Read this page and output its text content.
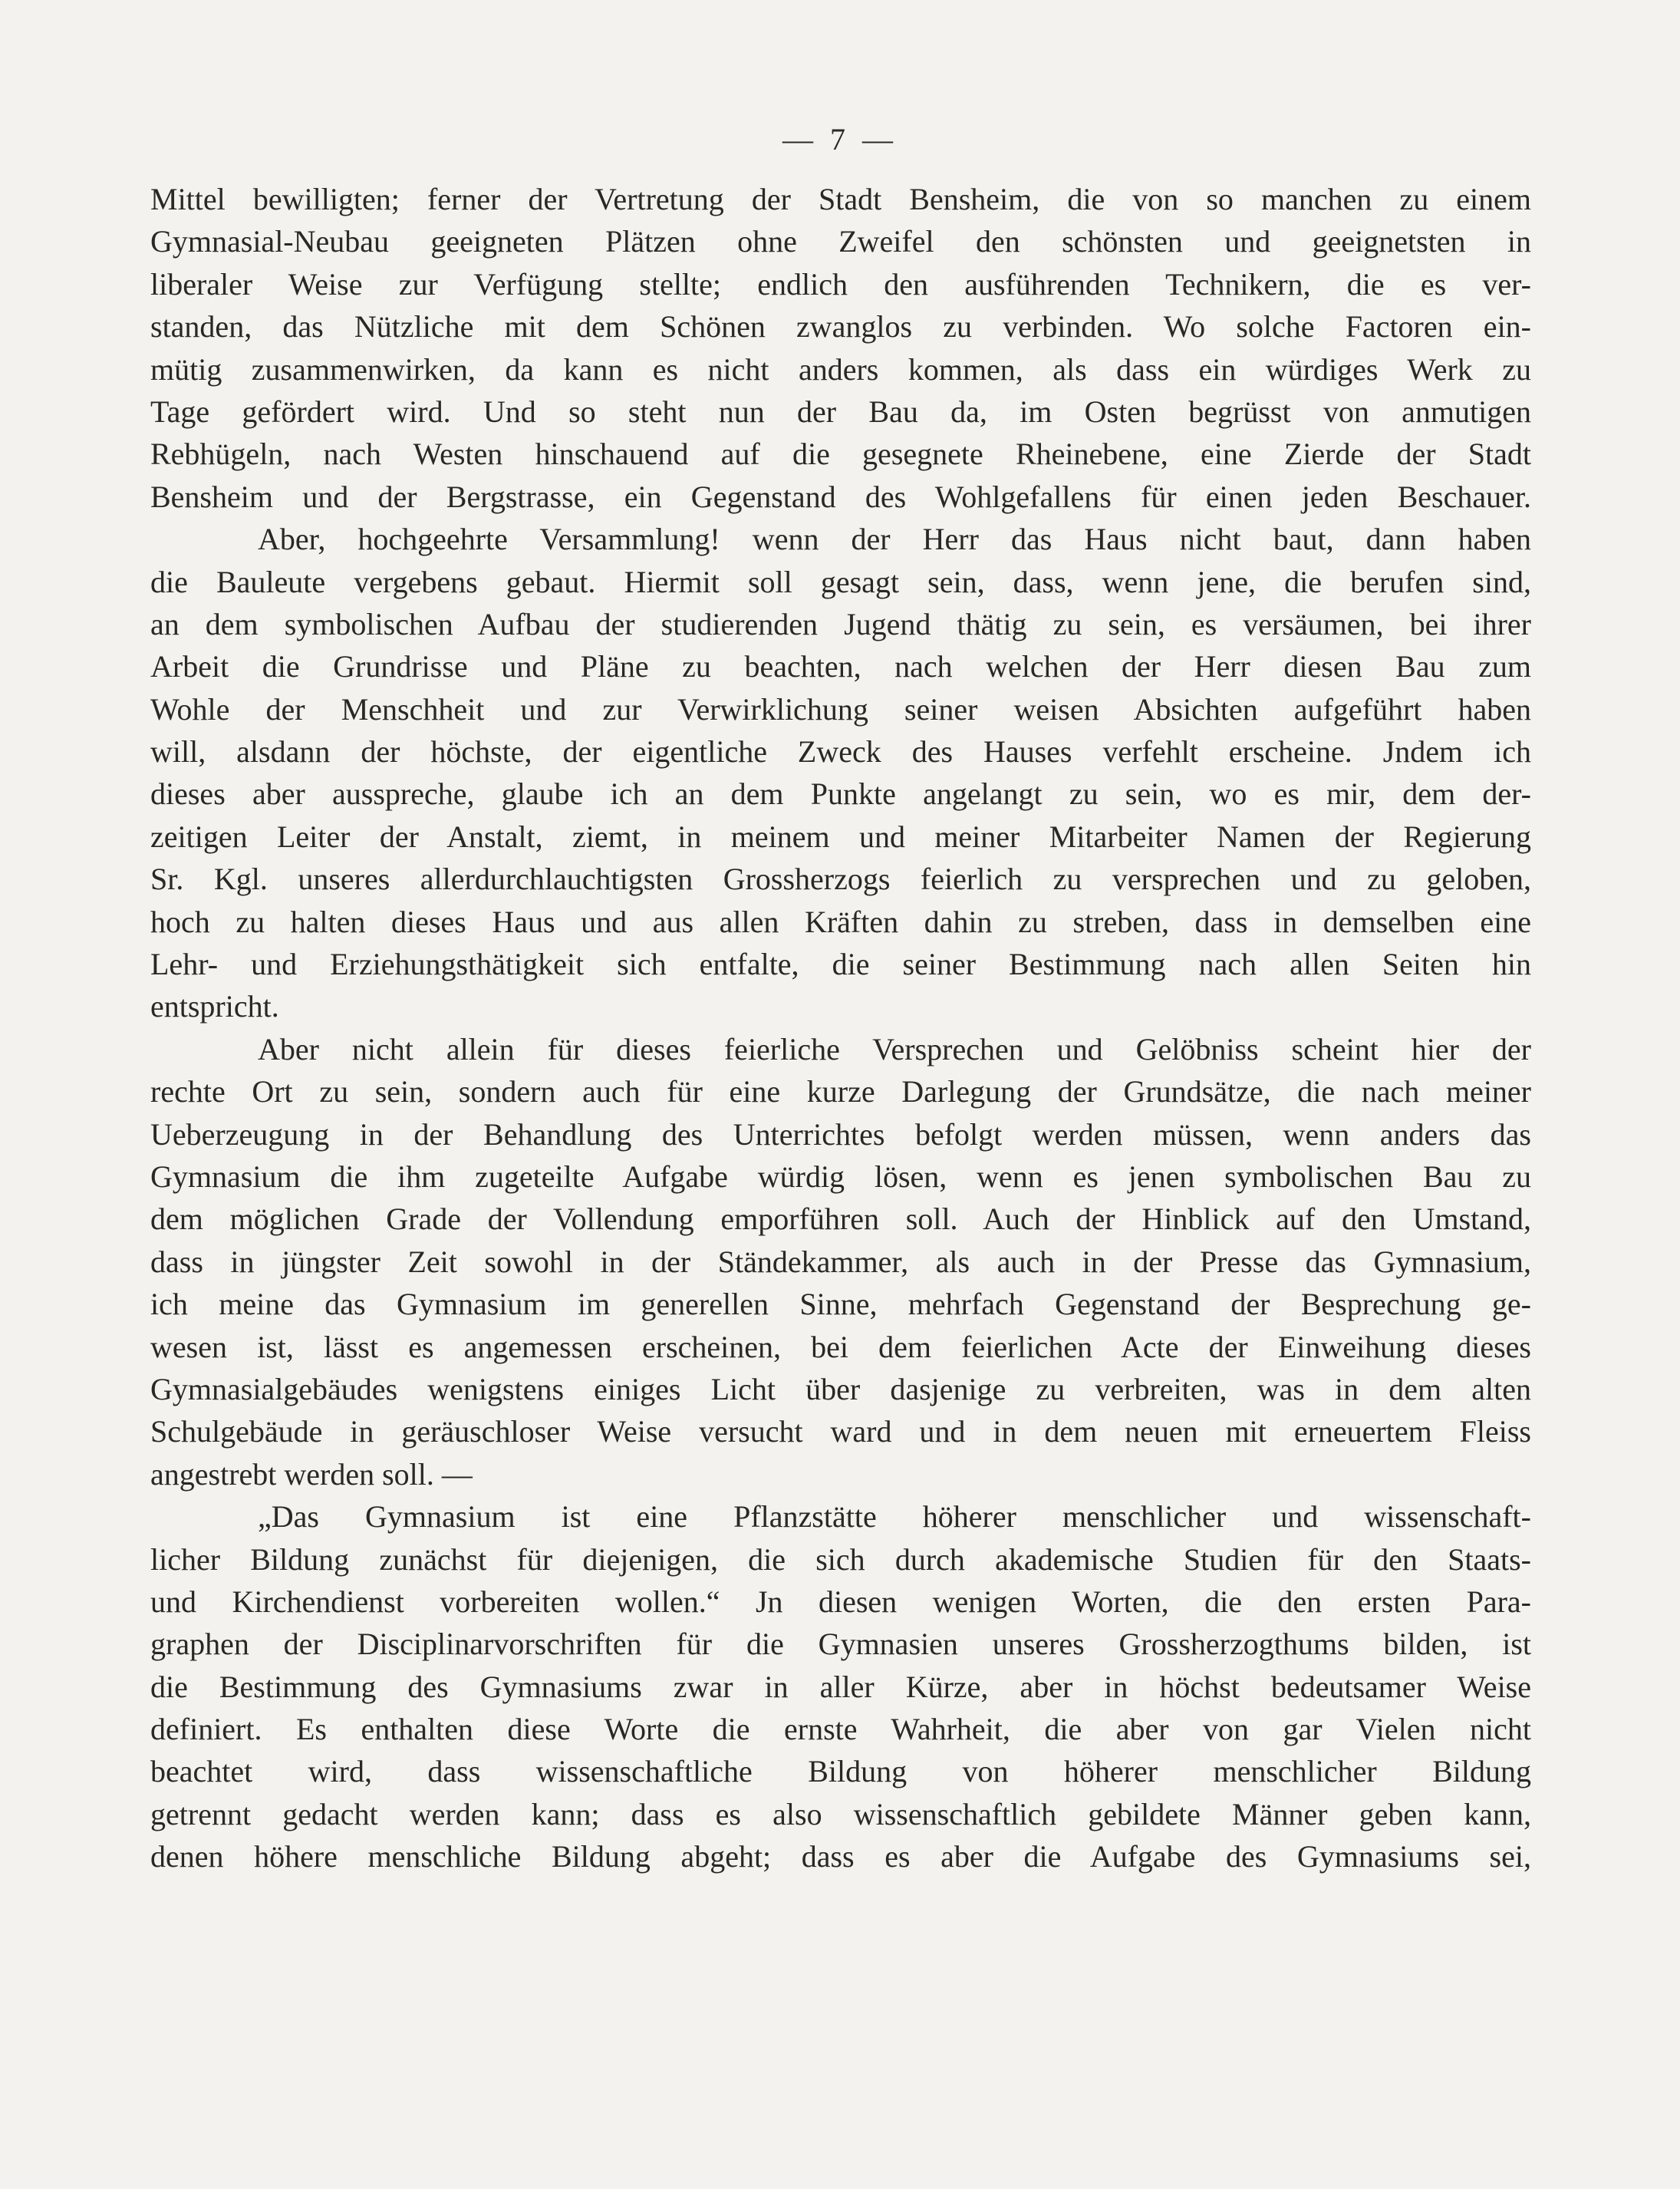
— 7 —
Mittel bewilligten; ferner der Vertretung der Stadt Bensheim, die von so manchen zu einem
Gymnasial-Neubau geeigneten Plätzen ohne Zweifel den schönsten und geeignetsten in
liberaler Weise zur Verfügung stellte; endlich den ausführenden Technikern, die es ver-
standen, das Nützliche mit dem Schönen zwanglos zu verbinden. Wo solche Factoren ein-
mütig zusammenwirken, da kann es nicht anders kommen, als dass ein würdiges Werk zu
Tage gefördert wird. Und so steht nun der Bau da, im Osten begrüsst von anmutigen
Rebhügeln, nach Westen hinschauend auf die gesegnete Rheinebene, eine Zierde der Stadt
Bensheim und der Bergstrasse, ein Gegenstand des Wohlgefallens für einen jeden Beschauer.
Aber, hochgeehrte Versammlung! wenn der Herr das Haus nicht baut, dann haben
die Bauleute vergebens gebaut. Hiermit soll gesagt sein, dass, wenn jene, die berufen sind,
an dem symbolischen Aufbau der studierenden Jugend thätig zu sein, es versäumen, bei ihrer
Arbeit die Grundrisse und Pläne zu beachten, nach welchen der Herr diesen Bau zum
Wohle der Menschheit und zur Verwirklichung seiner weisen Absichten aufgeführt haben
will, alsdann der höchste, der eigentliche Zweck des Hauses verfehlt erscheine. Jndem ich
dieses aber ausspreche, glaube ich an dem Punkte angelangt zu sein, wo es mir, dem der-
zeitigen Leiter der Anstalt, ziemt, in meinem und meiner Mitarbeiter Namen der Regierung
Sr. Kgl. unseres allerdurchlauchtigsten Grossherzogs feierlich zu versprechen und zu geloben,
hoch zu halten dieses Haus und aus allen Kräften dahin zu streben, dass in demselben eine
Lehr- und Erziehungsthätigkeit sich entfalte, die seiner Bestimmung nach allen Seiten hin
entspricht.
Aber nicht allein für dieses feierliche Versprechen und Gelöbniss scheint hier der
rechte Ort zu sein, sondern auch für eine kurze Darlegung der Grundsätze, die nach meiner
Ueberzeugung in der Behandlung des Unterrichtes befolgt werden müssen, wenn anders das
Gymnasium die ihm zugeteilte Aufgabe würdig lösen, wenn es jenen symbolischen Bau zu
dem möglichen Grade der Vollendung emporführen soll. Auch der Hinblick auf den Umstand,
dass in jüngster Zeit sowohl in der Ständekammer, als auch in der Presse das Gymnasium,
ich meine das Gymnasium im generellen Sinne, mehrfach Gegenstand der Besprechung ge-
wesen ist, lässt es angemessen erscheinen, bei dem feierlichen Acte der Einweihung dieses
Gymnasialgebäudes wenigstens einiges Licht über dasjenige zu verbreiten, was in dem alten
Schulgebäude in geräuschloser Weise versucht ward und in dem neuen mit erneuertem Fleiss
angestrebt werden soll. —
„Das Gymnasium ist eine Pflanzstätte höherer menschlicher und wissenschaft-
licher Bildung zunächst für diejenigen, die sich durch akademische Studien für den Staats-
und Kirchendienst vorbereiten wollen.“ Jn diesen wenigen Worten, die den ersten Para-
graphen der Disciplinarvorschriften für die Gymnasien unseres Grossherzogthums bilden, ist
die Bestimmung des Gymnasiums zwar in aller Kürze, aber in höchst bedeutsamer Weise
definiert. Es enthalten diese Worte die ernste Wahrheit, die aber von gar Vielen nicht
beachtet wird, dass wissenschaftliche Bildung von höherer menschlicher Bildung
getrennt gedacht werden kann; dass es also wissenschaftlich gebildete Männer geben kann,
denen höhere menschliche Bildung abgeht; dass es aber die Aufgabe des Gymnasiums sei,
